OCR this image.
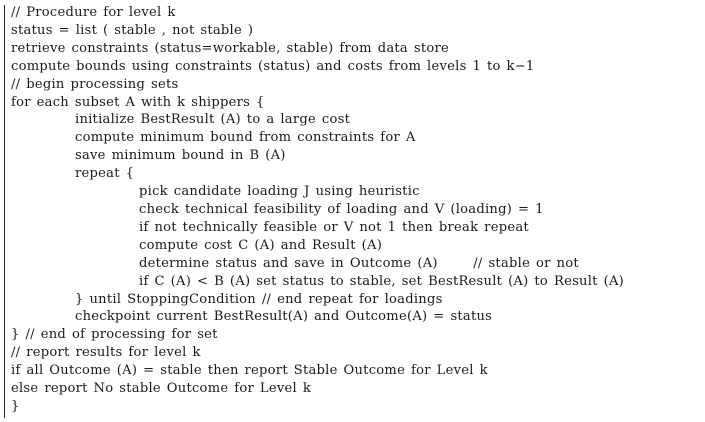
// Procedure for level k
status = list ( stable , not stable )
retrieve constraints (status=workable, stable) from data store
compute bounds using constraints (status) and costs from levels 1 to k−1
// begin processing sets
for each subset A with k shippers {
initialize BestResult (A) to a large cost
compute minimum bound from constraints for A
save minimum bound in B (A)
repeat {
pick candidate loading J using heuristic
check technical feasibility of loading and V (loading) = 1
if not technically feasible or V not 1 then break repeat
compute cost C (A) and Result (A)
determine status and save in Outcome (A)      // stable or not
if C (A) < B (A) set status to stable, set BestResult (A) to Result (A)
} until StoppingCondition // end repeat for loadings
checkpoint current BestResult(A) and Outcome(A) = status
} // end of processing for set
// report results for level k
if all Outcome (A) = stable then report Stable Outcome for Level k
else report No stable Outcome for Level k
}
